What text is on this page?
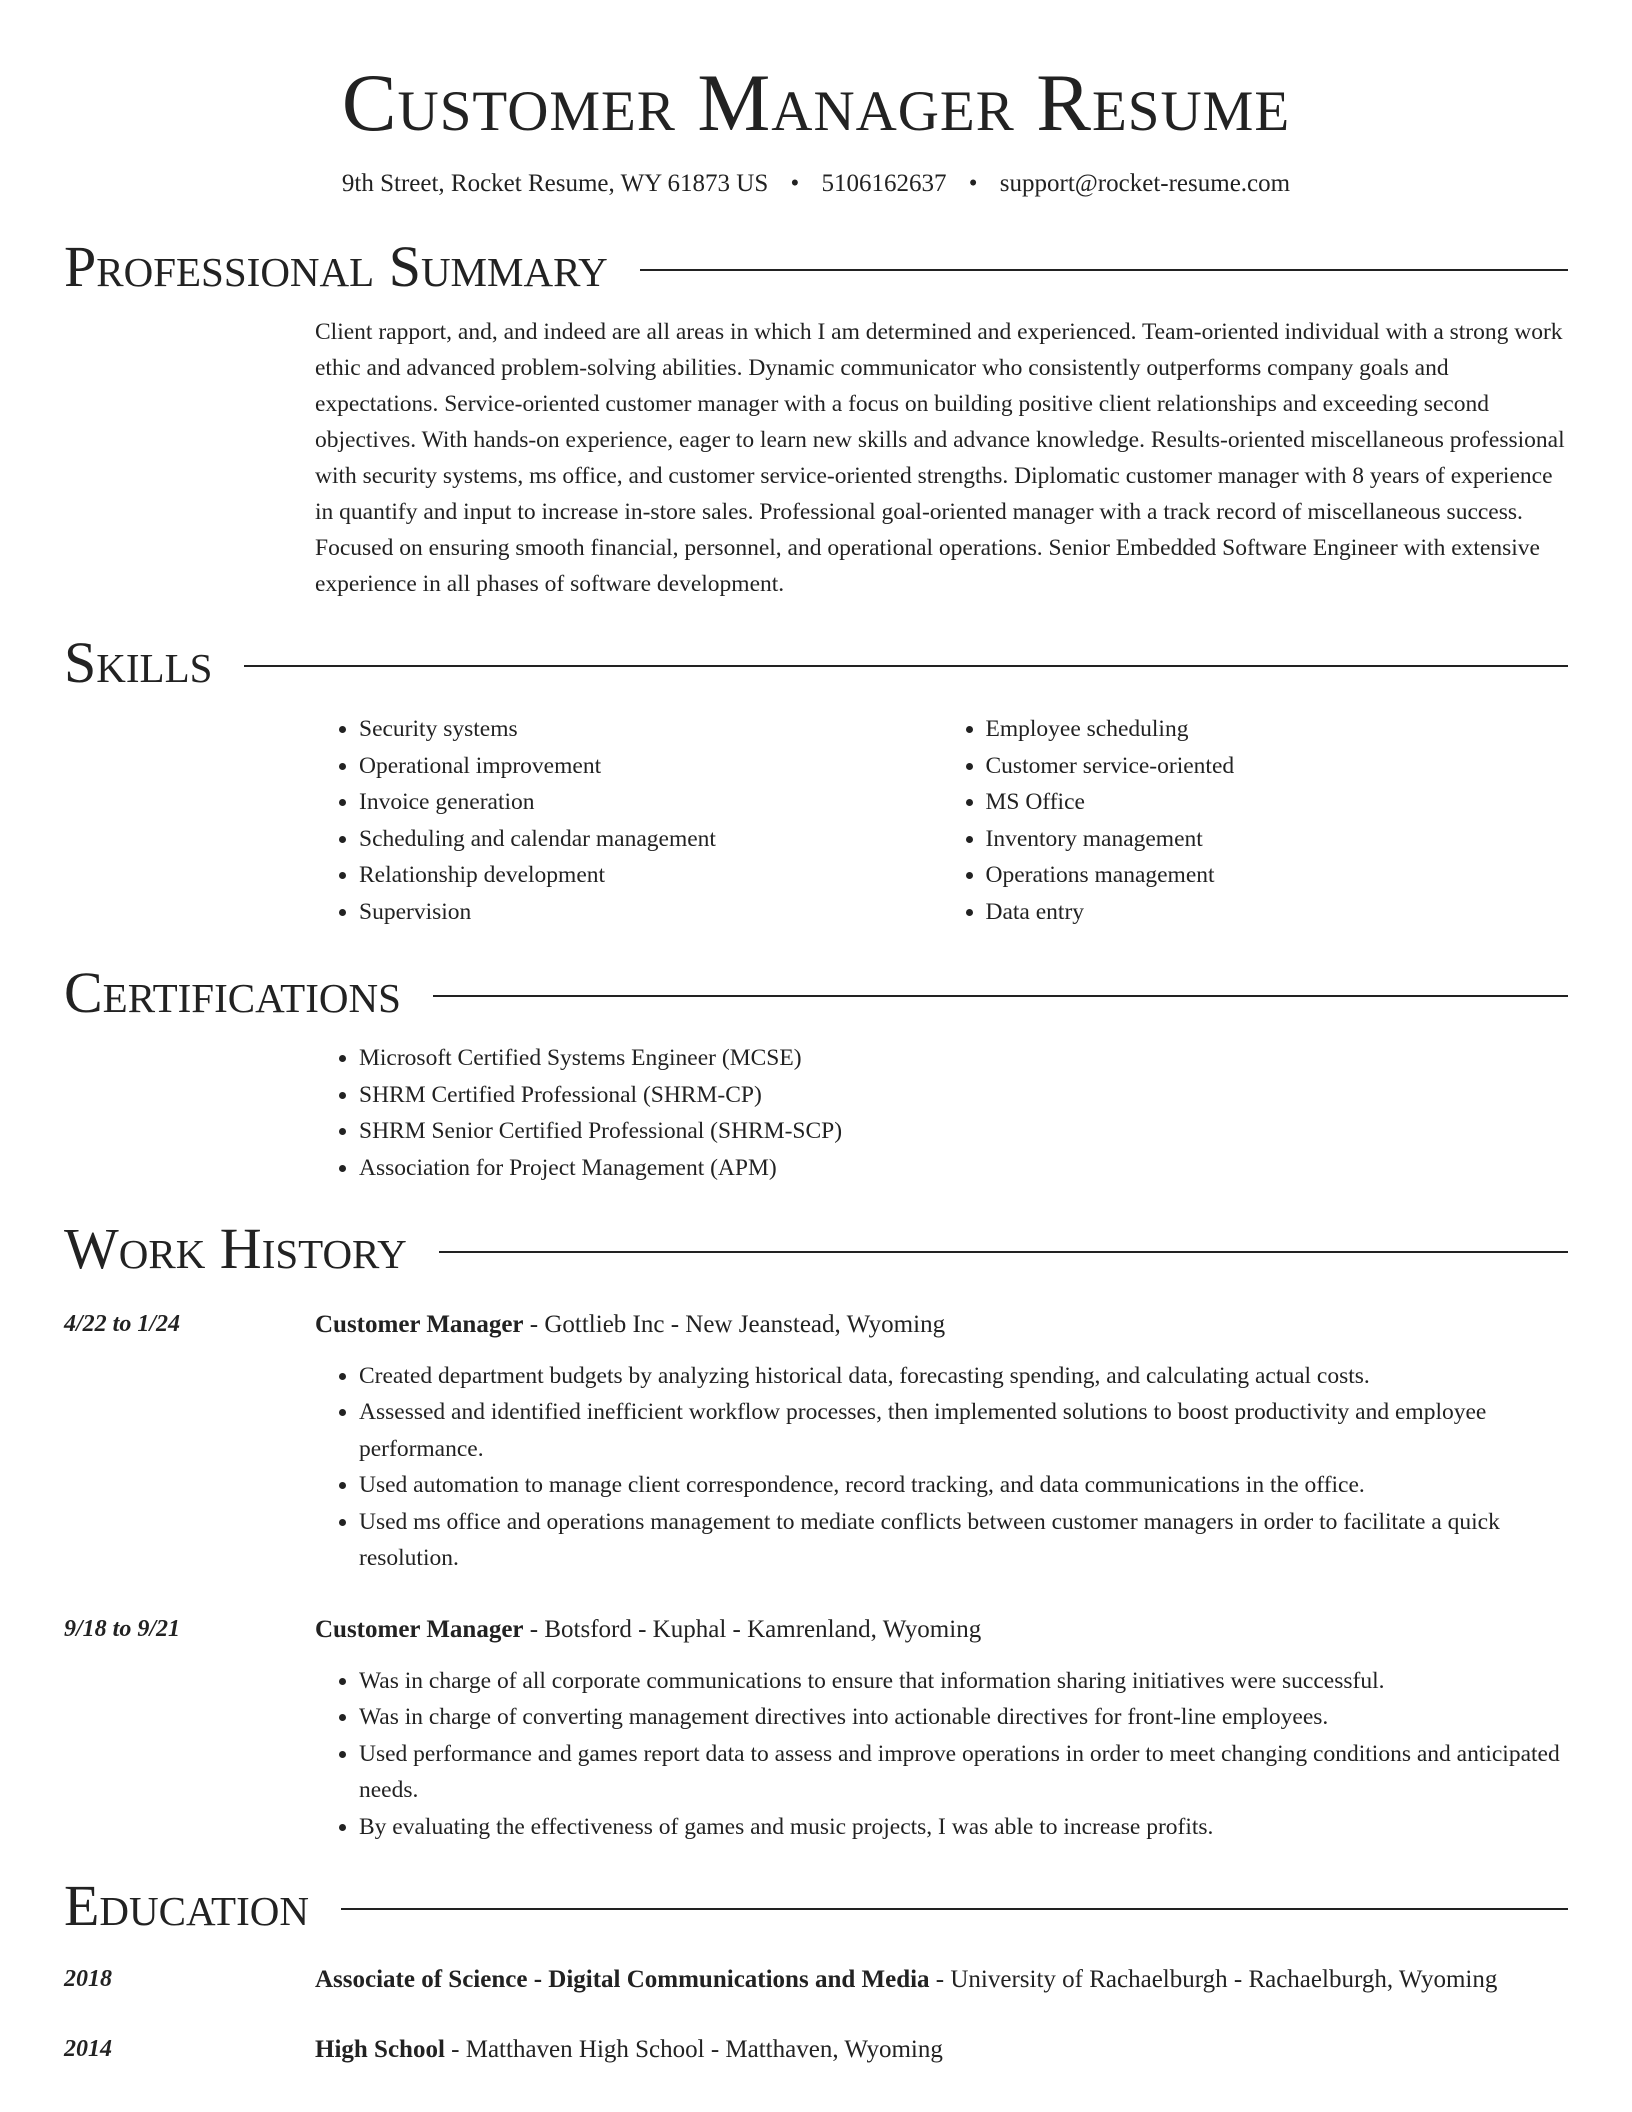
Customer Manager Resume
9th Street, Rocket Resume, WY 61873 US • 5106162637 • support@rocket-resume.com
Professional Summary
Client rapport, and, and indeed are all areas in which I am determined and experienced. Team-oriented individual with a strong work ethic and advanced problem-solving abilities. Dynamic communicator who consistently outperforms company goals and expectations. Service-oriented customer manager with a focus on building positive client relationships and exceeding second objectives. With hands-on experience, eager to learn new skills and advance knowledge. Results-oriented miscellaneous professional with security systems, ms office, and customer service-oriented strengths. Diplomatic customer manager with 8 years of experience in quantify and input to increase in-store sales. Professional goal-oriented manager with a track record of miscellaneous success. Focused on ensuring smooth financial, personnel, and operational operations. Senior Embedded Software Engineer with extensive experience in all phases of software development.
Skills
• Security systems
• Operational improvement
• Invoice generation
• Scheduling and calendar management
• Relationship development
• Supervision
• Employee scheduling
• Customer service-oriented
• MS Office
• Inventory management
• Operations management
• Data entry
Certifications
• Microsoft Certified Systems Engineer (MCSE)
• SHRM Certified Professional (SHRM-CP)
• SHRM Senior Certified Professional (SHRM-SCP)
• Association for Project Management (APM)
Work History
4/22 to 1/24	Customer Manager - Gottlieb Inc - New Jeanstead, Wyoming
• Created department budgets by analyzing historical data, forecasting spending, and calculating actual costs.
• Assessed and identified inefficient workflow processes, then implemented solutions to boost productivity and employee performance.
• Used automation to manage client correspondence, record tracking, and data communications in the office.
• Used ms office and operations management to mediate conflicts between customer managers in order to facilitate a quick resolution.
9/18 to 9/21	Customer Manager - Botsford - Kuphal - Kamrenland, Wyoming
• Was in charge of all corporate communications to ensure that information sharing initiatives were successful.
• Was in charge of converting management directives into actionable directives for front-line employees.
• Used performance and games report data to assess and improve operations in order to meet changing conditions and anticipated needs.
• By evaluating the effectiveness of games and music projects, I was able to increase profits.
Education
2018	Associate of Science - Digital Communications and Media - University of Rachaelburgh - Rachaelburgh, Wyoming
2014	High School - Matthaven High School - Matthaven, Wyoming
